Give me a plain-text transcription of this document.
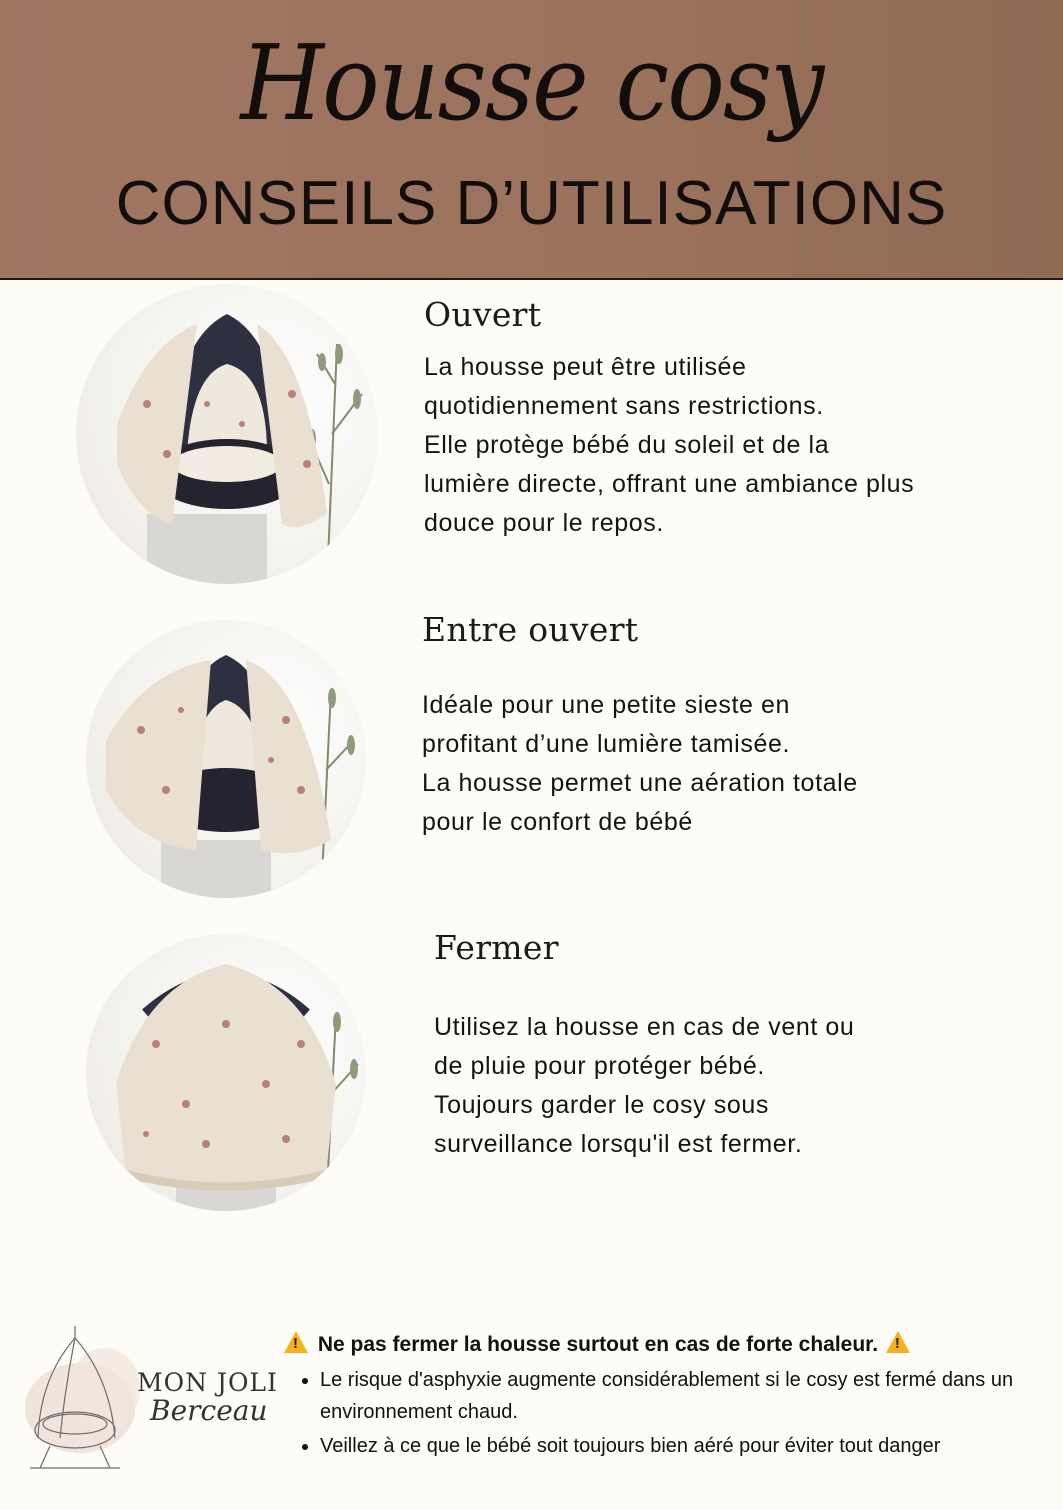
Housse cosy
CONSEILS D’UTILISATIONS
Ouvert
La housse peut être utilisée
quotidiennement sans restrictions.
Elle protège bébé du soleil et de la
lumière directe, offrant une ambiance plus
douce pour le repos.
Entre ouvert
Idéale pour une petite sieste en
profitant d’une lumière tamisée.
La housse permet une aération totale
pour le confort de bébé
Fermer
Utilisez la housse en cas de vent ou
de pluie pour protéger bébé.
Toujours garder le cosy sous
surveillance lorsqu'il est fermer.
MON JOLI
Berceau
! Ne pas fermer la housse surtout en cas de forte chaleur. !
• Le risque d'asphyxie augmente considérablement si le cosy est fermé dans un environnement chaud.
• Veillez à ce que le bébé soit toujours bien aéré pour éviter tout danger
